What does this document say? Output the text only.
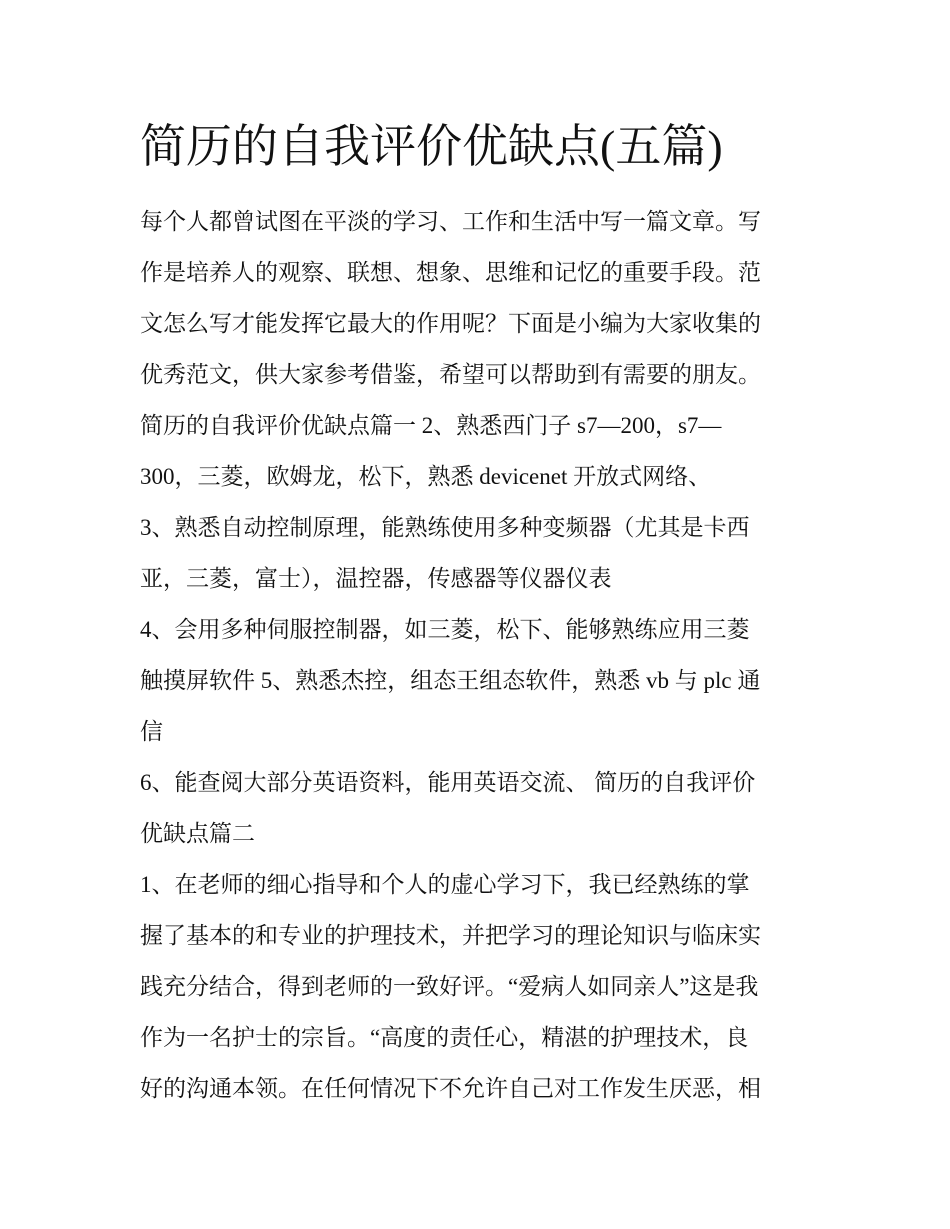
简历的自我评价优缺点(五篇)
每个人都曾试图在平淡的学习、工作和生活中写一篇文章。写
作是培养人的观察、联想、想象、思维和记忆的重要手段。范
文怎么写才能发挥它最大的作用呢？下面是小编为大家收集的
优秀范文，供大家参考借鉴，希望可以帮助到有需要的朋友。
简历的自我评价优缺点篇一 2、熟悉西门子 s7—200，s7—
300，三菱，欧姆龙，松下，熟悉 devicenet 开放式网络、
3、熟悉自动控制原理，能熟练使用多种变频器（尤其是卡西
亚，三菱，富士），温控器，传感器等仪器仪表
4、会用多种伺服控制器，如三菱，松下、能够熟练应用三菱
触摸屏软件 5、熟悉杰控，组态王组态软件，熟悉 vb 与 plc 通
信
6、能查阅大部分英语资料，能用英语交流、 简历的自我评价
优缺点篇二
1、在老师的细心指导和个人的虚心学习下，我已经熟练的掌
握了基本的和专业的护理技术，并把学习的理论知识与临床实
践充分结合，得到老师的一致好评。“爱病人如同亲人”这是我
作为一名护士的宗旨。“高度的责任心，精湛的护理技术，良
好的沟通本领。在任何情况下不允许自己对工作发生厌恶，相
